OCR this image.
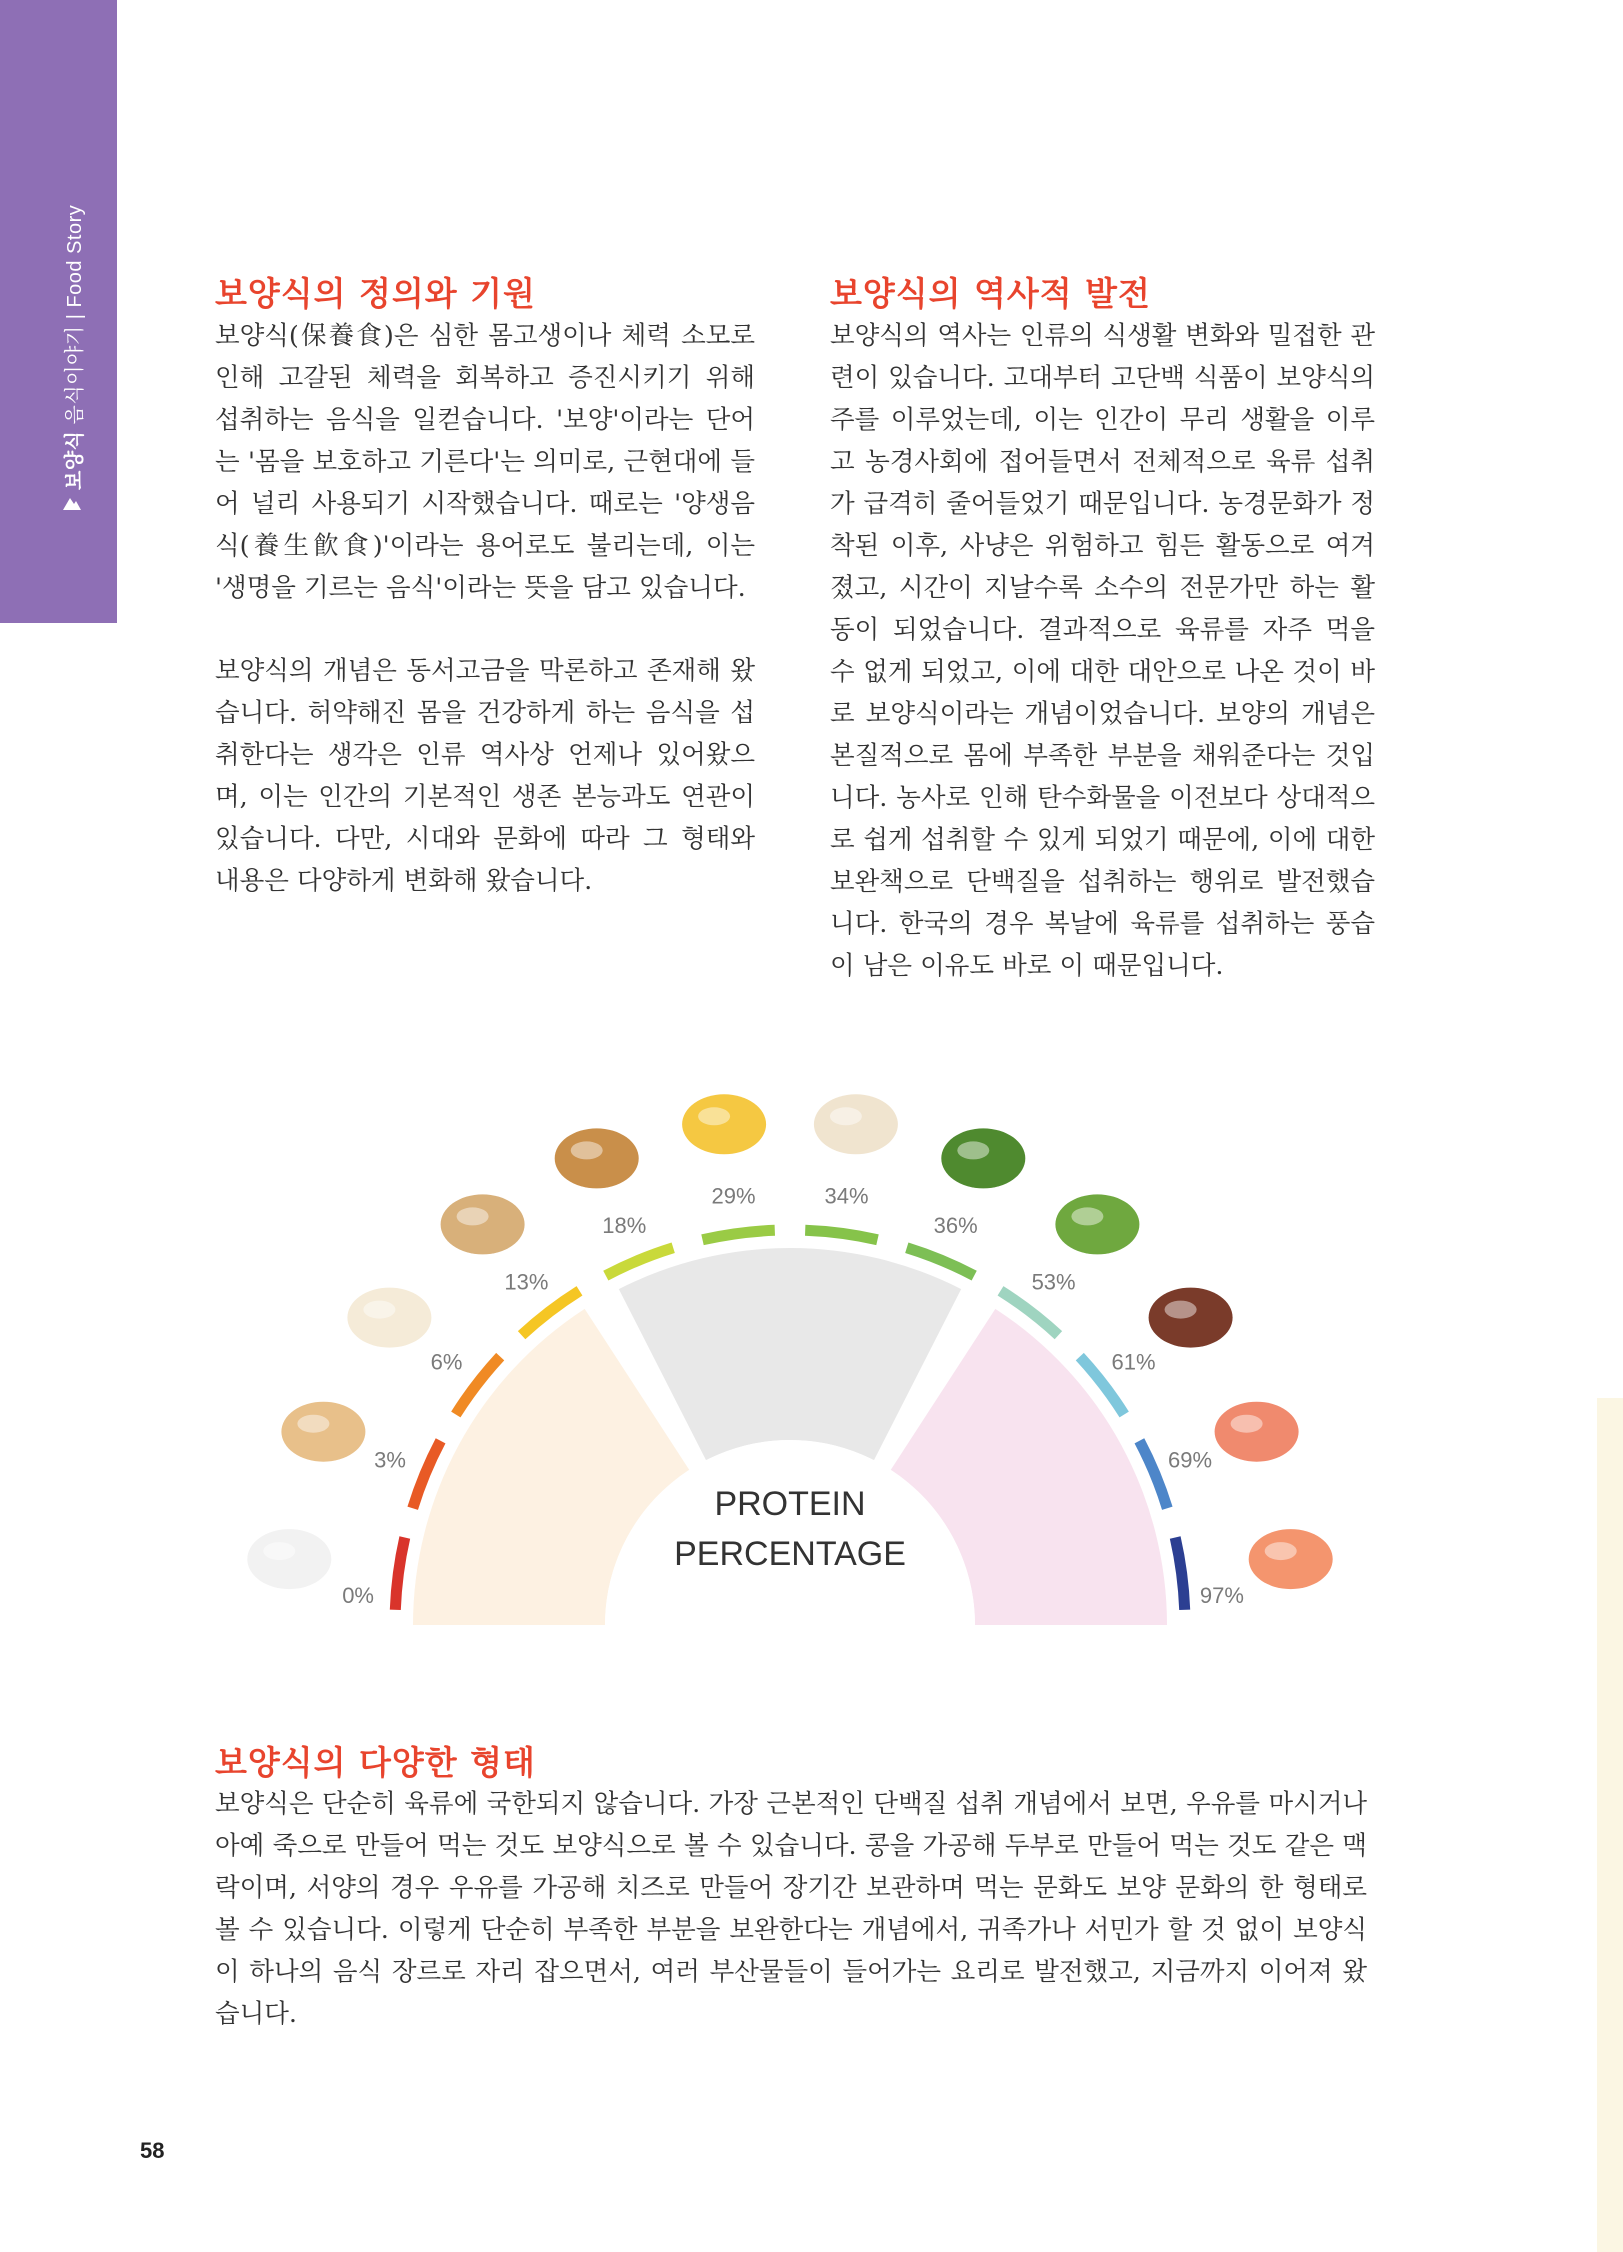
보양식 음식이야기 | Food Story	보양식의 정의와 기원

보양식(保養食)은 심한 몸고생이나 체력 소모로 인해 고갈된 체력을 회복하고 증진시키기 위해 섭취하는 음식을 일컫습니다. '보양'이라는 단어는 '몸을 보호하고 기른다'는 의미로, 근현대에 들어 널리 사용되기 시작했습니다. 때로는 '양생음식(養生飮食)'이라는 용어로도 불리는데, 이는 '생명을 기르는 음식'이라는 뜻을 담고 있습니다.

보양식의 개념은 동서고금을 막론하고 존재해 왔습니다. 허약해진 몸을 건강하게 하는 음식을 섭취한다는 생각은 인류 역사상 언제나 있어왔으며, 이는 인간의 기본적인 생존 본능과도 연관이 있습니다. 다만, 시대와 문화에 따라 그 형태와 내용은 다양하게 변화해 왔습니다.

보양식의 역사적 발전

보양식의 역사는 인류의 식생활 변화와 밀접한 관련이 있습니다. 고대부터 고단백 식품이 보양식의 주를 이루었는데, 이는 인간이 무리 생활을 이루고 농경사회에 접어들면서 전체적으로 육류 섭취가 급격히 줄어들었기 때문입니다. 농경문화가 정착된 이후, 사냥은 위험하고 힘든 활동으로 여겨졌고, 시간이 지날수록 소수의 전문가만 하는 활동이 되었습니다. 결과적으로 육류를 자주 먹을 수 없게 되었고, 이에 대한 대안으로 나온 것이 바로 보양식이라는 개념이었습니다. 보양의 개념은 본질적으로 몸에 부족한 부분을 채워준다는 것입니다. 농사로 인해 탄수화물을 이전보다 상대적으로 쉽게 섭취할 수 있게 되었기 때문에, 이에 대한 보완책으로 단백질을 섭취하는 행위로 발전했습니다. 한국의 경우 복날에 육류를 섭취하는 풍습이 남은 이유도 바로 이 때문입니다.

0%
3%
6%
13%
18%
29%	34%
36%
53%
61%
69%
97%
PROTEIN
PERCENTAGE
보양식의 다양한 형태

보양식은 단순히 육류에 국한되지 않습니다. 가장 근본적인 단백질 섭취 개념에서 보면, 우유를 마시거나 아예 죽으로 만들어 먹는 것도 보양식으로 볼 수 있습니다. 콩을 가공해 두부로 만들어 먹는 것도 같은 맥락이며, 서양의 경우 우유를 가공해 치즈로 만들어 장기간 보관하며 먹는 문화도 보양 문화의 한 형태로 볼 수 있습니다. 이렇게 단순히 부족한 부분을 보완한다는 개념에서, 귀족가나 서민가 할 것 없이 보양식이 하나의 음식 장르로 자리 잡으면서, 여러 부산물들이 들어가는 요리로 발전했고, 지금까지 이어져 왔습니다.

58
